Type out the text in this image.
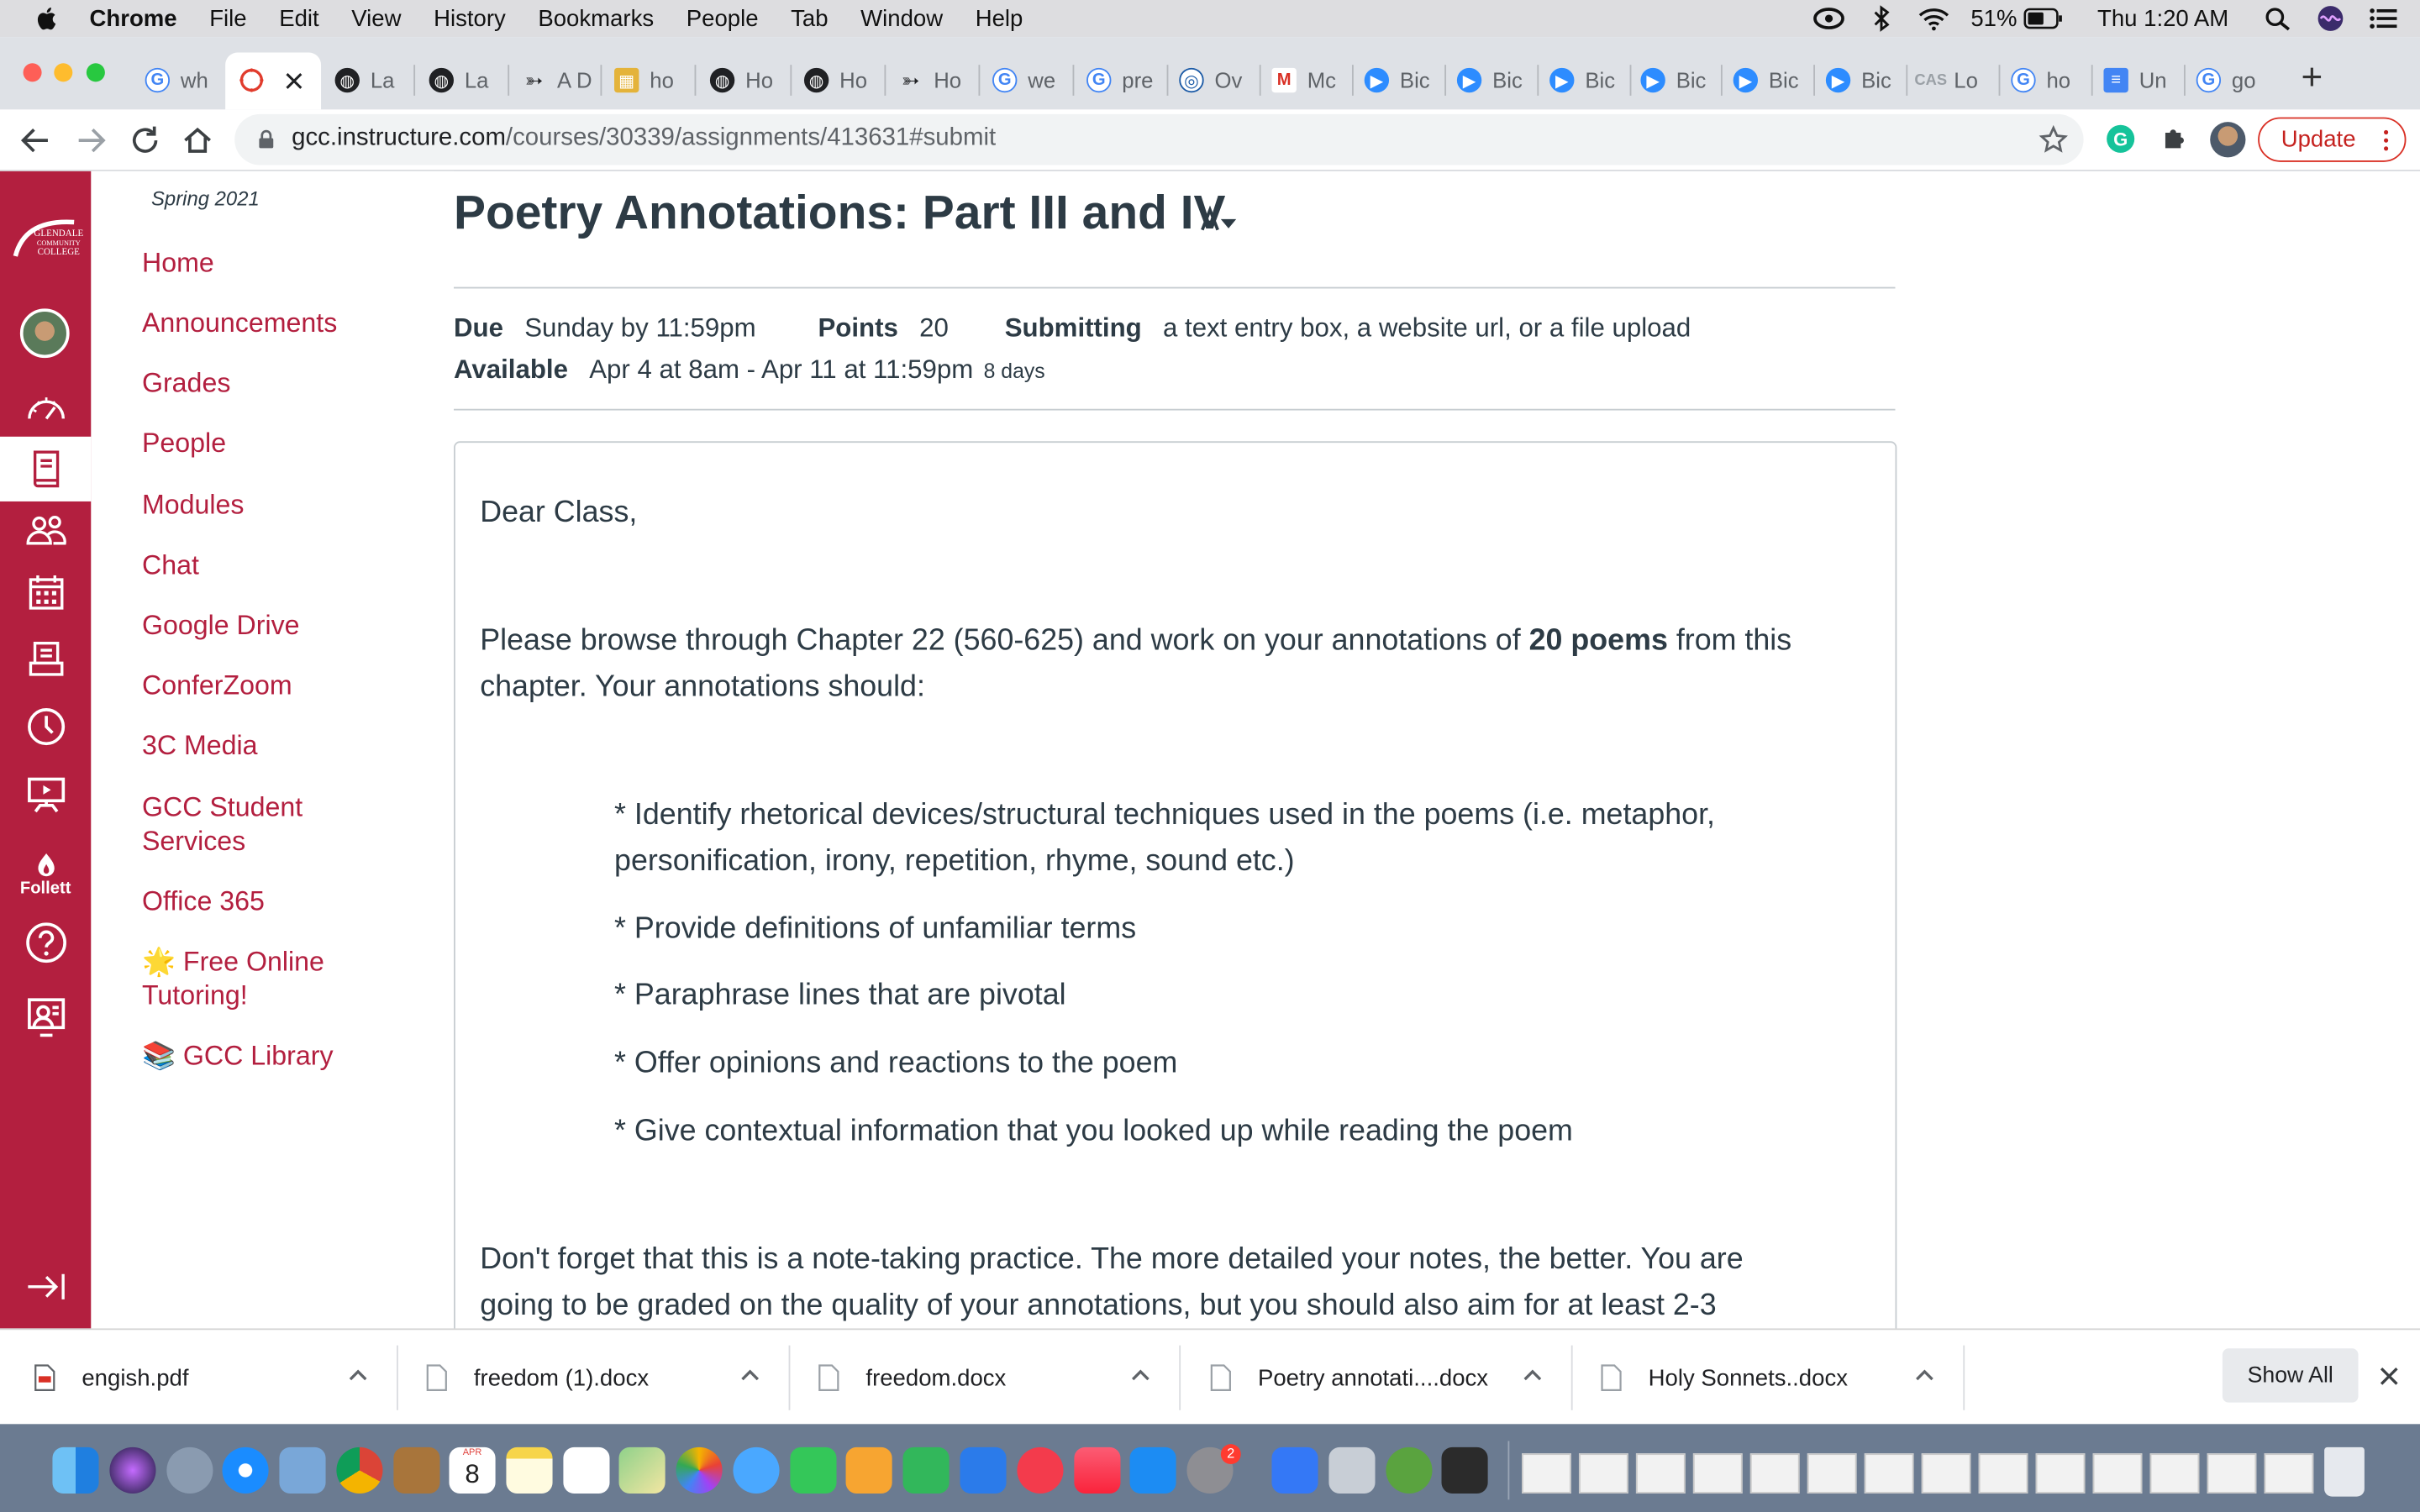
Chrome	File	Edit	View	History	Bookmarks	People	Tab	Window	Help	51%	Thu 1:20 AM
G	wh	◍	La	◍	La	➳ A D	▦	ho	◍	Ho	◍	Ho	➳ Ho	G	we	G	pre	◎	Ov	M	Mc	▶	Bic	▶	Bic	▶	Bic	▶	Bic	▶	Bic	▶	Bic	CAS Lo	G	ho	≡	Un	G	go +
gcc.instructure.com/courses/30339/assignments/413631#submit	G	Update
GLENDALE
COMMUNITY
COLLEGE
Follett
Spring 2021
Home
Announcements
Grades
People
Modules
Chat
Google Drive
ConferZoom
3C Media
GCC Student
Services
Office 365
🌟 Free Online
Tutoring!
📚 GCC Library
Poetry Annotations: Part III and IV
Due Sunday by 11:59pm	Points 20	Submitting a text entry box, a website url, or a file upload
Available Apr 4 at 8am - Apr 11 at 11:59pm 8 days

Dear Class,

Please browse through Chapter 22 (560-625) and work on your annotations of 20 poems from this

chapter. Your annotations should:

* Identify rhetorical devices/structural techniques used in the poems (i.e. metaphor,

personification, irony, repetition, rhyme, sound etc.)

* Provide definitions of unfamiliar terms

* Paraphrase lines that are pivotal

* Offer opinions and reactions to the poem

* Give contextual information that you looked up while reading the poem

Don't forget that this is a note-taking practice. The more detailed your notes, the better. You are

going to be graded on the quality of your annotations, but you should also aim for at least 2-3

engish.pdf	freedom (1).docx	freedom.docx	Poetry annotati....docx	Holy Sonnets..docx	Show All
APR
8
2
